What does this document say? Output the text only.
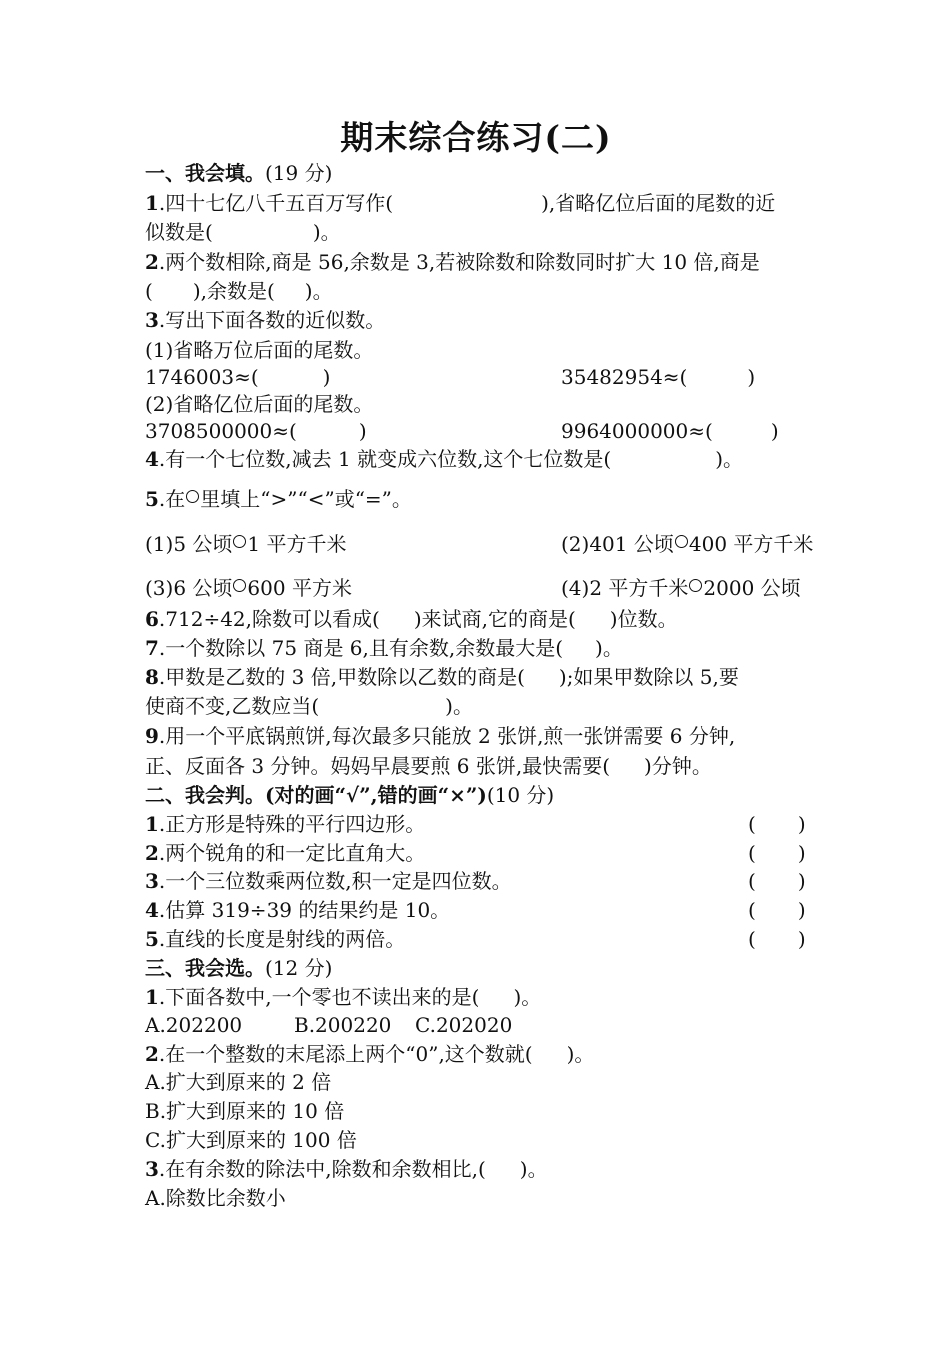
期末综合练习(二)
一、我会填。(19 分)
1.四十七亿八千五百万写作(	),省略亿位后面的尾数的近
似数是(	)。
2.两个数相除,商是 56,余数是 3,若被除数和除数同时扩大 10 倍,商是
( ),余数是( )。
3.写出下面各数的近似数。
(1)省略万位后面的尾数。
1746003≈(	)	35482954≈(	)
(2)省略亿位后面的尾数。
3708500000≈(	)	9964000000≈(	)
4.有一个七位数,减去 1 就变成六位数,这个七位数是(	)。
5.在 里填上“>”“<”或“=”。
(1)5 公顷 1 平方千米	(2)401 公顷 400 平方千米
(3)6 公顷 600 平方米	(4)2 平方千米 2000 公顷
6.712÷42,除数可以看成( )来试商,它的商是( )位数。
7.一个数除以 75 商是 6,且有余数,余数最大是( )。
8.甲数是乙数的 3 倍,甲数除以乙数的商是( );如果甲数除以 5,要
使商不变,乙数应当(	)。
9.用一个平底锅煎饼,每次最多只能放 2 张饼,煎一张饼需要 6 分钟,
正、反面各 3 分钟。妈妈早晨要煎 6 张饼,最快需要( )分钟。
二、我会判。(对的画“√”,错的画“×”)(10 分)
1.正方形是特殊的平行四边形。	( )
2.两个锐角的和一定比直角大。	( )
3.一个三位数乘两位数,积一定是四位数。	( )
4.估算 319÷39 的结果约是 10。	( )
5.直线的长度是射线的两倍。	( )
三、我会选。(12 分)
1.下面各数中,一个零也不读出来的是( )。
A.202200	B.200220 C.202020
2.在一个整数的末尾添上两个“0”,这个数就( )。
A.扩大到原来的 2 倍
B.扩大到原来的 10 倍
C.扩大到原来的 100 倍
3.在有余数的除法中,除数和余数相比,( )。
A.除数比余数小
